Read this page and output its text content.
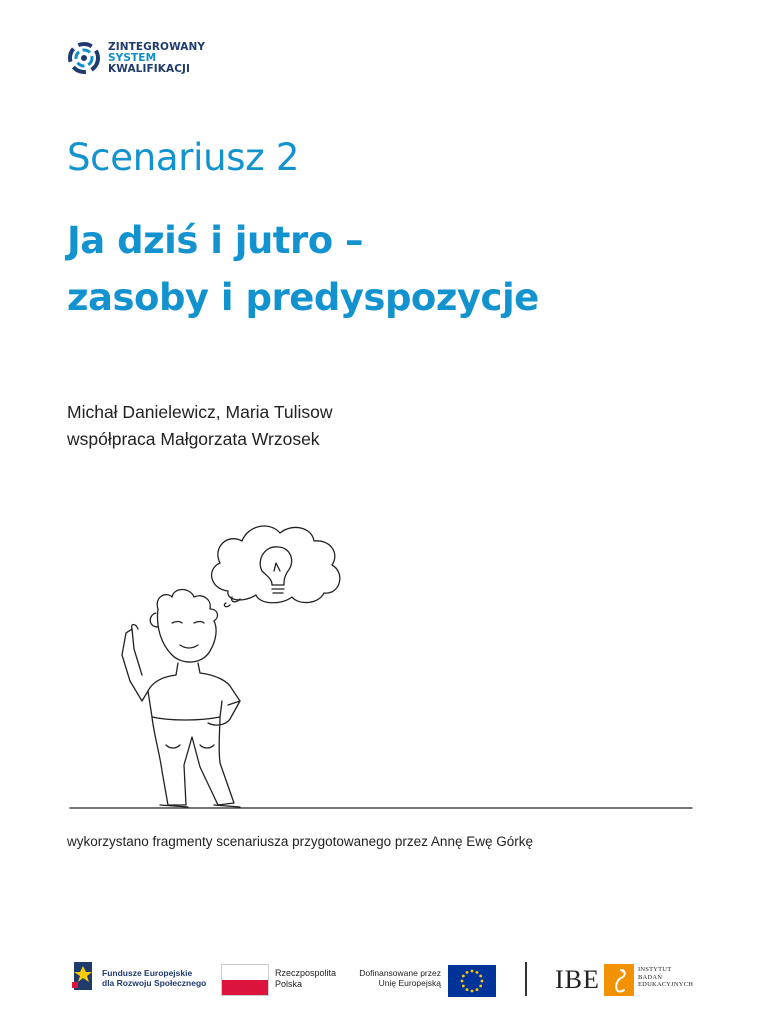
ZINTEGROWANY
SYSTEM
KWALIFIKACJI
Scenariusz 2
Ja dziś i jutro –
zasoby i predyspozycje
Michał Danielewicz, Maria Tulisow
współpraca Małgorzata Wrzosek
wykorzystano fragmenty scenariusza przygotowanego przez Annę Ewę Górkę
Fundusze Europejskie
dla Rozwoju Społecznego
Rzeczpospolita
Polska
Dofinansowane przez
Unię Europejską	IBE	INSTYTUT
BADAŃ
EDUKACYJNYCH
